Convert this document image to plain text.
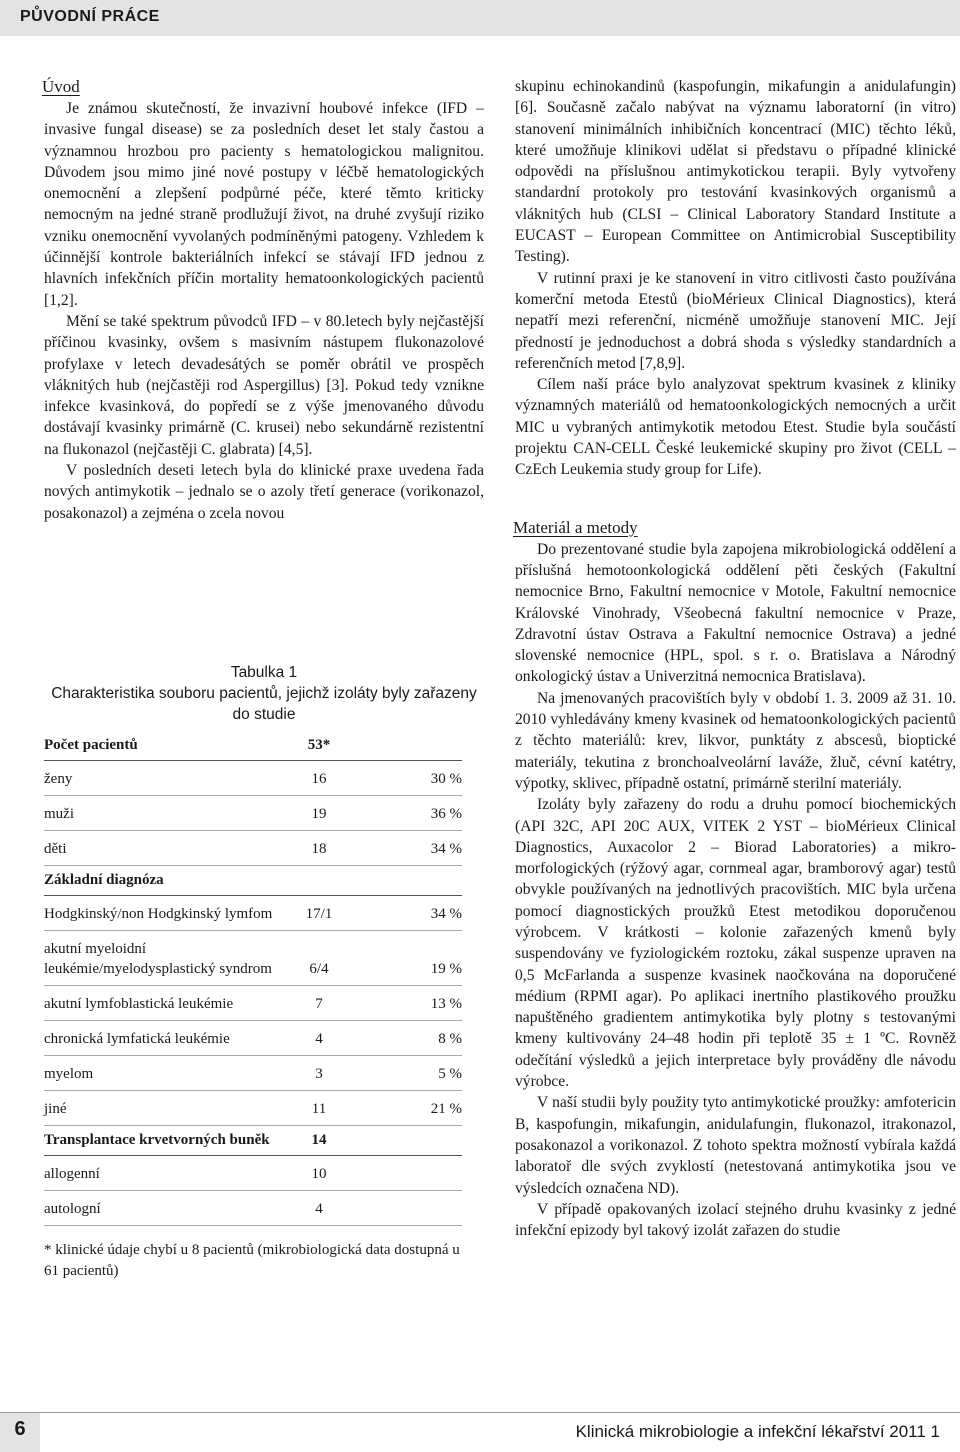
PŮVODNÍ PRÁCE
Úvod

Je známou skutečností, že invazivní houbové infekce (IFD – invasive fungal disease) se za posledních deset let staly častou a významnou hrozbou pro pacienty s hematologickou malignitou. Důvodem jsou mimo jiné nové postupy v léčbě hematologických onemocnění a zlepšení podpůrné péče, které těmto kriticky nemocným na jedné straně prodlužují život, na druhé zvyšují riziko vzniku onemocnění vyvolaných podmíněnými patogeny. Vzhledem k účinnější kontrole bakteriálních infekcí se stávají IFD jednou z hlavních infekčních příčin mortality hematoonkologických pacientů [1,2].

Mění se také spektrum původců IFD – v 80.letech byly nejčastější příčinou kvasinky, ovšem s masivním nástupem flukonazolové profylaxe v letech devadesátých se poměr obrátil ve prospěch vláknitých hub (nejčastěji rod Aspergillus) [3]. Pokud tedy vznikne infekce kvasinková, do popředí se z výše jmenovaného důvodu dostávají kvasinky primárně (C. krusei) nebo sekundárně rezistentní na flukonazol (nejčastěji C. glabrata) [4,5].

V posledních deseti letech byla do klinické praxe uvedena řada nových antimykotik – jednalo se o azoly třetí generace (vorikonazol, posakonazol) a zejména o zcela novou

Tabulka 1
Charakteristika souboru pacientů, jejichž izoláty byly zařazeny do studie
Počet pacientů	53*	
ženy	16	30 %
muži	19	36 %
děti	18	34 %
Základní diagnóza		
Hodgkinský/non Hodgkinský lymfom	17/1	34 %
akutní myeloidní leukémie/myelodysplastický syndrom	6/4	19 %
akutní lymfoblastická leukémie	7	13 %
chronická lymfatická leukémie	4	8 %
myelom	3	5 %
jiné	11	21 %
Transplantace krvetvorných buněk	14	
allogenní	10	
autologní	4	
* klinické údaje chybí u 8 pacientů (mikrobiologická data dostupná u 61 pacientů)

skupinu echinokandinů (kaspofungin, mikafungin a anidulafungin) [6]. Současně začalo nabývat na významu laboratorní (in vitro) stanovení minimálních inhibičních koncentrací (MIC) těchto léků, které umožňuje klinikovi udělat si představu o případné klinické odpovědi na příslušnou antimykotickou terapii. Byly vytvořeny standardní protokoly pro testování kvasinkových organismů a vláknitých hub (CLSI – Clinical Laboratory Standard Institute a EUCAST – European Committee on Antimicrobial Susceptibility Testing).

V rutinní praxi je ke stanovení in vitro citlivosti často používána komerční metoda Etestů (bioMérieux Clinical Diagnostics), která nepatří mezi referenční, nicméně umožňuje stanovení MIC. Její předností je jednoduchost a dobrá shoda s výsledky standardních a referenčních metod [7,8,9].

Cílem naší práce bylo analyzovat spektrum kvasinek z kliniky významných materiálů od hematoonkologických nemocných a určit MIC u vybraných antimykotik metodou Etest. Studie byla součástí projektu CAN-CELL České leukemické skupiny pro život (CELL – CzEch Leukemia study group for Life).

Materiál a metody

Do prezentované studie byla zapojena mikrobiologická oddělení a příslušná hemotoonkologická oddělení pěti českých (Fakultní nemocnice Brno, Fakultní nemocnice v Motole, Fakultní nemocnice Královské Vinohrady, Všeobecná fakultní nemocnice v Praze, Zdravotní ústav Ostrava a Fakultní nemocnice Ostrava) a jedné slovenské nemocnice (HPL, spol. s r. o. Bratislava a Národný onkologický ústav a Univerzitná nemocnica Bratislava).

Na jmenovaných pracovištích byly v období 1. 3. 2009 až 31. 10. 2010 vyhledávány kmeny kvasinek od hematoonkologických pacientů z těchto materiálů: krev, likvor, punktáty z abscesů, bioptické materiály, tekutina z bronchoalveolární laváže, žluč, cévní katétry, výpotky, sklivec, případně ostatní, primárně sterilní materiály.

Izoláty byly zařazeny do rodu a druhu pomocí biochemických (API 32C, API 20C AUX, VITEK 2 YST – bioMérieux Clinical Diagnostics, Auxacolor 2 – Biorad Laboratories) a mikro-morfologických (rýžový agar, cornmeal agar, bramborový agar) testů obvykle používaných na jednotlivých pracovištích. MIC byla určena pomocí diagnostických proužků Etest metodikou doporučenou výrobcem. V krátkosti – kolonie zařazených kmenů byly suspendovány ve fyziologickém roztoku, zákal suspenze upraven na 0,5 McFarlanda a suspenze kvasinek naočkována na doporučené médium (RPMI agar). Po aplikaci inertního plastikového proužku napuštěného gradientem antimykotika byly plotny s testovanými kmeny kultivovány 24–48 hodin při teplotě 35 ± 1 ºC. Rovněž odečítání výsledků a jejich interpretace byly prováděny dle návodu výrobce.

V naší studii byly použity tyto antimykotické proužky: amfotericin B, kaspofungin, mikafungin, anidulafungin, flukonazol, itrakonazol, posakonazol a vorikonazol. Z tohoto spektra možností vybírala každá laboratoř dle svých zvyklostí (netestovaná antimykotika jsou ve výsledcích označena ND).

V případě opakovaných izolací stejného druhu kvasinky z jedné infekční epizody byl takový izolát zařazen do studie

6	Klinická mikrobiologie a infekční lékařství 2011 1
